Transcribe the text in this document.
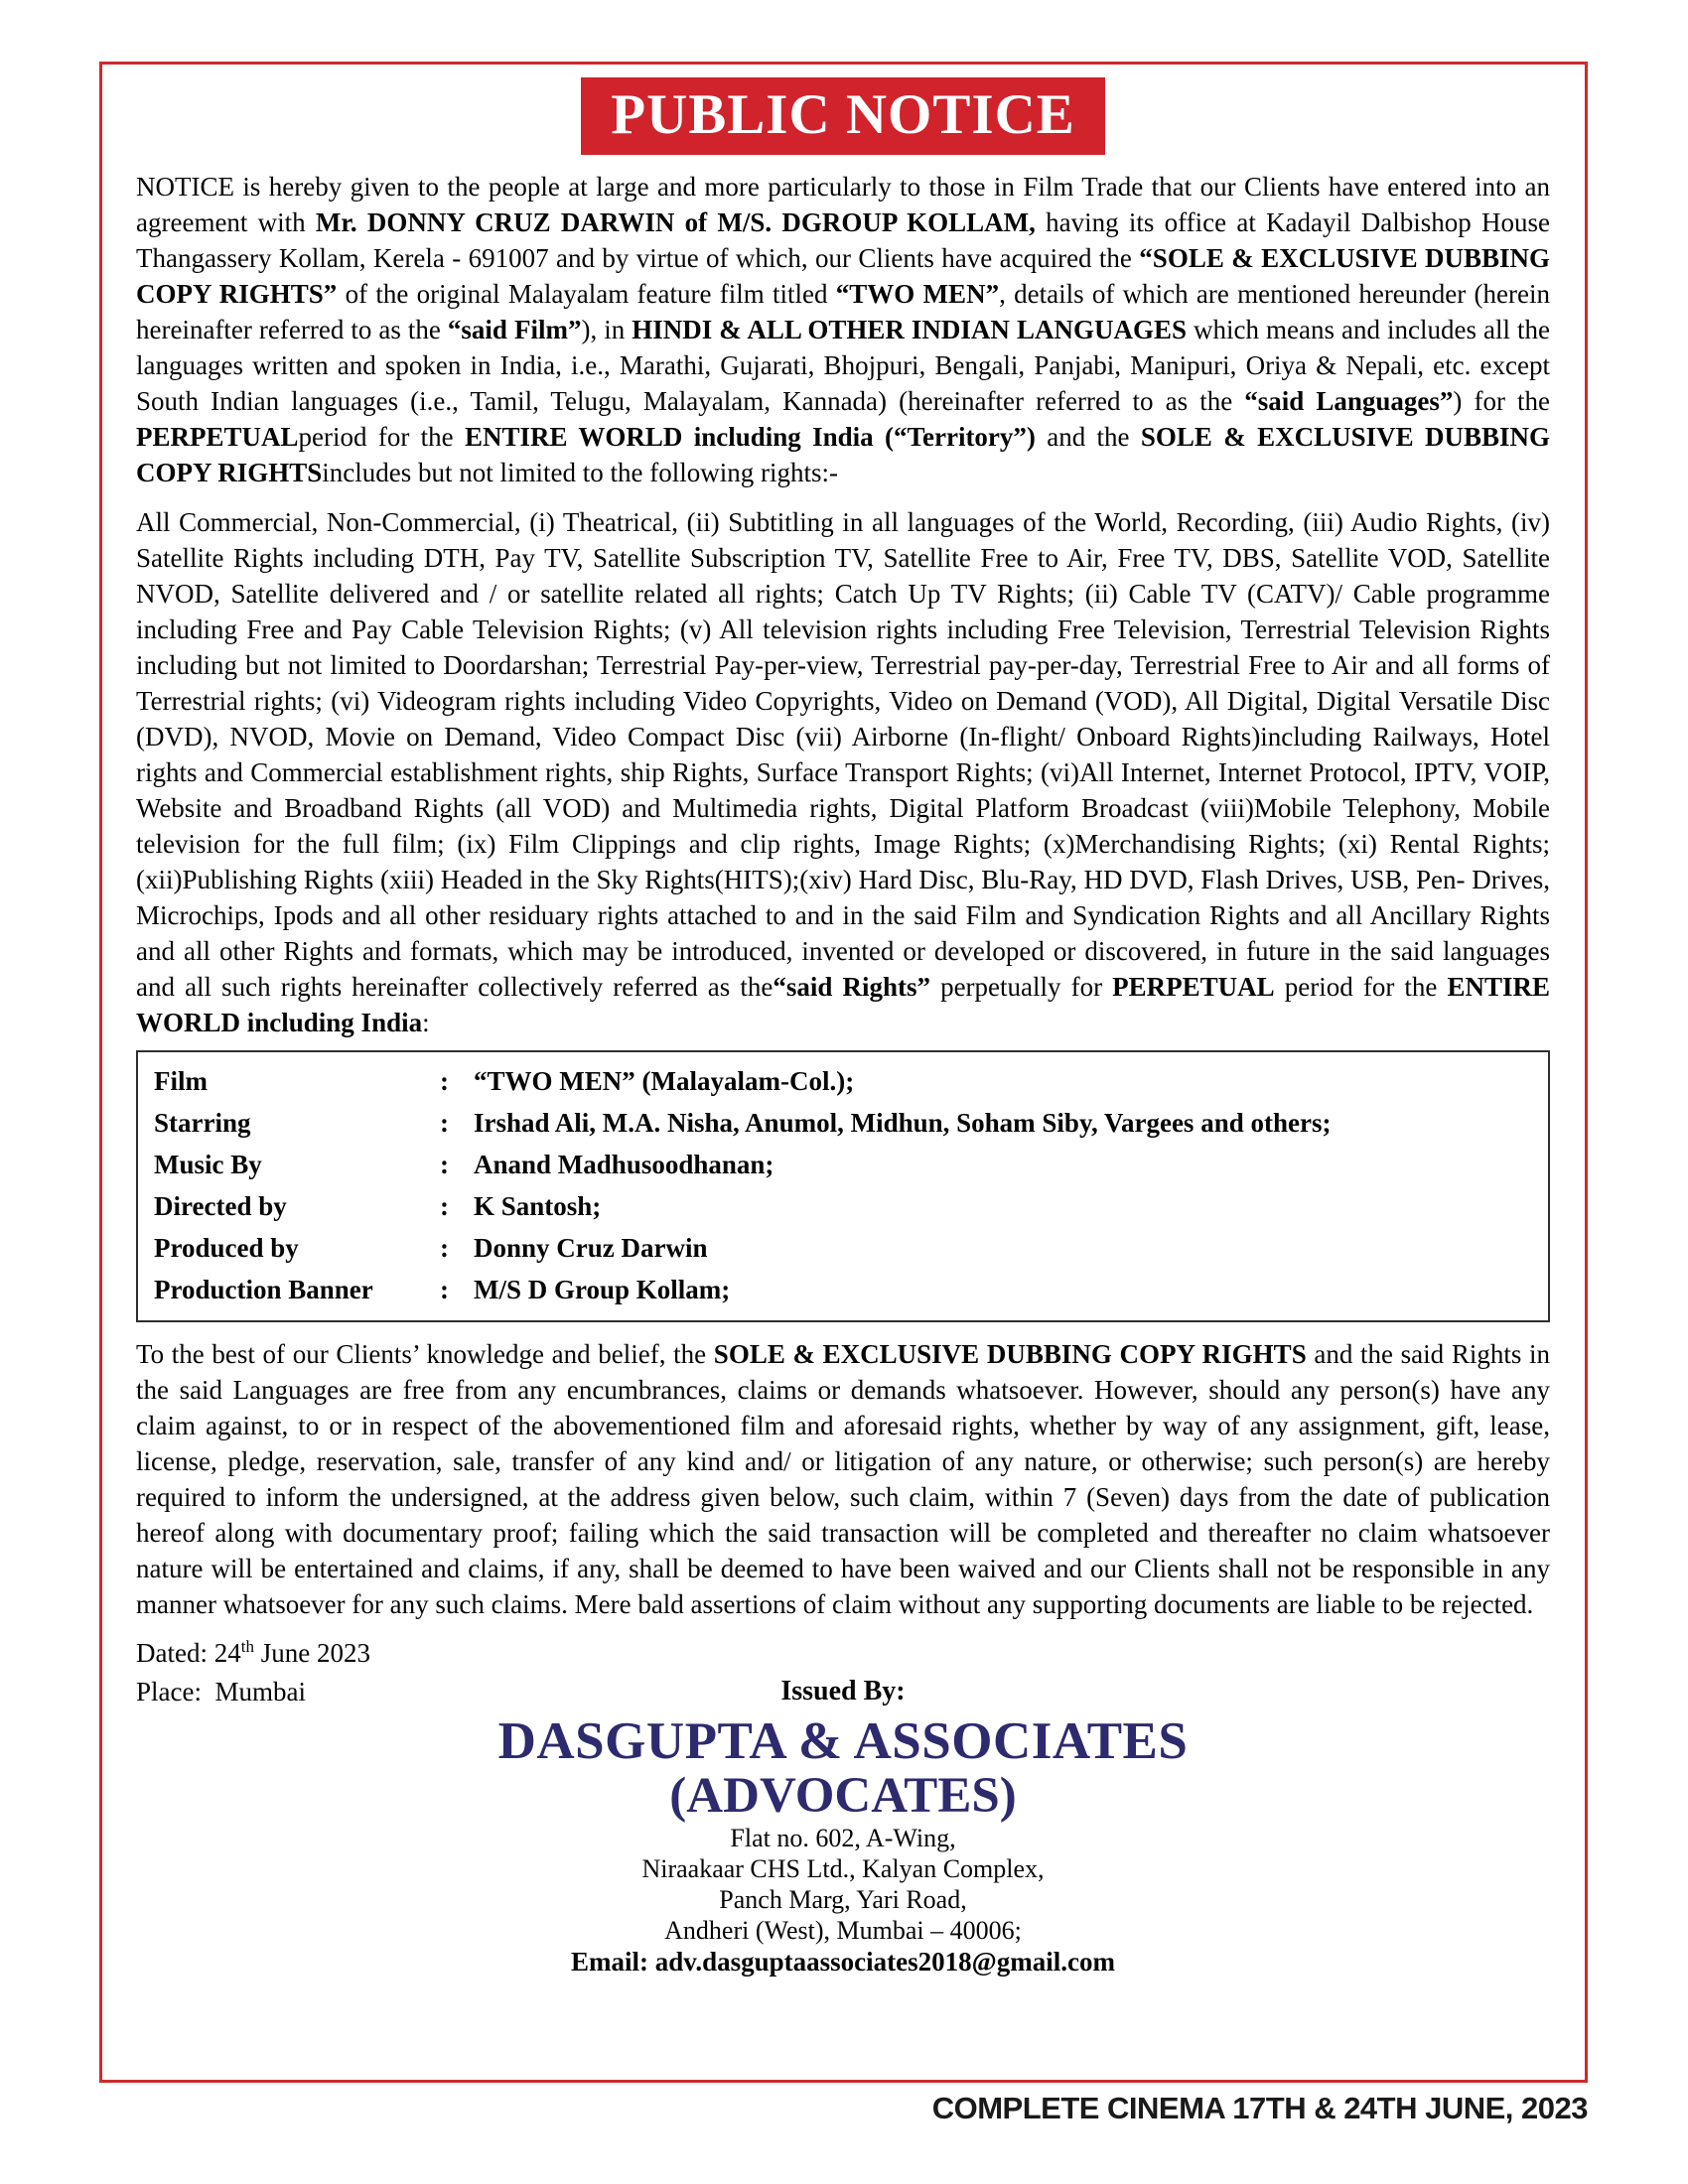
PUBLIC NOTICE

NOTICE is hereby given to the people at large and more particularly to those in Film Trade that our Clients have entered into an agreement with Mr. DONNY CRUZ DARWIN of M/S. DGROUP KOLLAM, having its office at Kadayil Dalbishop House Thangassery Kollam, Kerela - 691007 and by virtue of which, our Clients have acquired the “SOLE & EXCLUSIVE DUBBING COPY RIGHTS” of the original Malayalam feature film titled “TWO MEN”, details of which are mentioned hereunder (herein hereinafter referred to as the “said Film”), in HINDI & ALL OTHER INDIAN LANGUAGES which means and includes all the languages written and spoken in India, i.e., Marathi, Gujarati, Bhojpuri, Bengali, Panjabi, Manipuri, Oriya & Nepali, etc. except South Indian languages (i.e., Tamil, Telugu, Malayalam, Kannada) (hereinafter referred to as the “said Languages”) for the PERPETUALperiod for the ENTIRE WORLD including India (“Territory”) and the SOLE & EXCLUSIVE DUBBING COPY RIGHTSincludes but not limited to the following rights:-

All Commercial, Non-Commercial, (i) Theatrical, (ii) Subtitling in all languages of the World, Recording, (iii) Audio Rights, (iv) Satellite Rights including DTH, Pay TV, Satellite Subscription TV, Satellite Free to Air, Free TV, DBS, Satellite VOD, Satellite NVOD, Satellite delivered and / or satellite related all rights; Catch Up TV Rights; (ii) Cable TV (CATV)/ Cable programme including Free and Pay Cable Television Rights; (v) All television rights including Free Television, Terrestrial Television Rights including but not limited to Doordarshan; Terrestrial Pay-per-view, Terrestrial pay-per-day, Terrestrial Free to Air and all forms of Terrestrial rights; (vi) Videogram rights including Video Copyrights, Video on Demand (VOD), All Digital, Digital Versatile Disc (DVD), NVOD, Movie on Demand, Video Compact Disc (vii) Airborne (In-flight/ Onboard Rights)including Railways, Hotel rights and Commercial establishment rights, ship Rights, Surface Transport Rights; (vi)All Internet, Internet Protocol, IPTV, VOIP, Website and Broadband Rights (all VOD) and Multimedia rights, Digital Platform Broadcast (viii)Mobile Telephony, Mobile television for the full film; (ix) Film Clippings and clip rights, Image Rights; (x)Merchandising Rights; (xi) Rental Rights; (xii)Publishing Rights (xiii) Headed in the Sky Rights(HITS);(xiv) Hard Disc, Blu-Ray, HD DVD, Flash Drives, USB, Pen- Drives, Microchips, Ipods and all other residuary rights attached to and in the said Film and Syndication Rights and all Ancillary Rights and all other Rights and formats, which may be introduced, invented or developed or discovered, in future in the said languages and all such rights hereinafter collectively referred as the“said Rights” perpetually for PERPETUAL period for the ENTIRE WORLD including India:

Film	: “TWO MEN” (Malayalam-Col.);
Starring	: Irshad Ali, M.A. Nisha, Anumol, Midhun, Soham Siby, Vargees and others;
Music By	: Anand Madhusoodhanan;
Directed by	: K Santosh;
Produced by	: Donny Cruz Darwin
Production Banner	: M/S D Group Kollam;

To the best of our Clients’ knowledge and belief, the SOLE & EXCLUSIVE DUBBING COPY RIGHTS and the said Rights in the said Languages are free from any encumbrances, claims or demands whatsoever. However, should any person(s) have any claim against, to or in respect of the abovementioned film and aforesaid rights, whether by way of any assignment, gift, lease, license, pledge, reservation, sale, transfer of any kind and/ or litigation of any nature, or otherwise; such person(s) are hereby required to inform the undersigned, at the address given below, such claim, within 7 (Seven) days from the date of publication hereof along with documentary proof; failing which the said transaction will be completed and thereafter no claim whatsoever nature will be entertained and claims, if any, shall be deemed to have been waived and our Clients shall not be responsible in any manner whatsoever for any such claims. Mere bald assertions of claim without any supporting documents are liable to be rejected.

Dated: 24th June 2023
Place:  Mumbai	Issued By:
DASGUPTA & ASSOCIATES
(ADVOCATES)
Flat no. 602, A-Wing,
Niraakaar CHS Ltd., Kalyan Complex,
Panch Marg, Yari Road,
Andheri (West), Mumbai – 40006;
Email: adv.dasguptaassociates2018@gmail.com
COMPLETE CINEMA 17TH & 24TH JUNE, 2023
